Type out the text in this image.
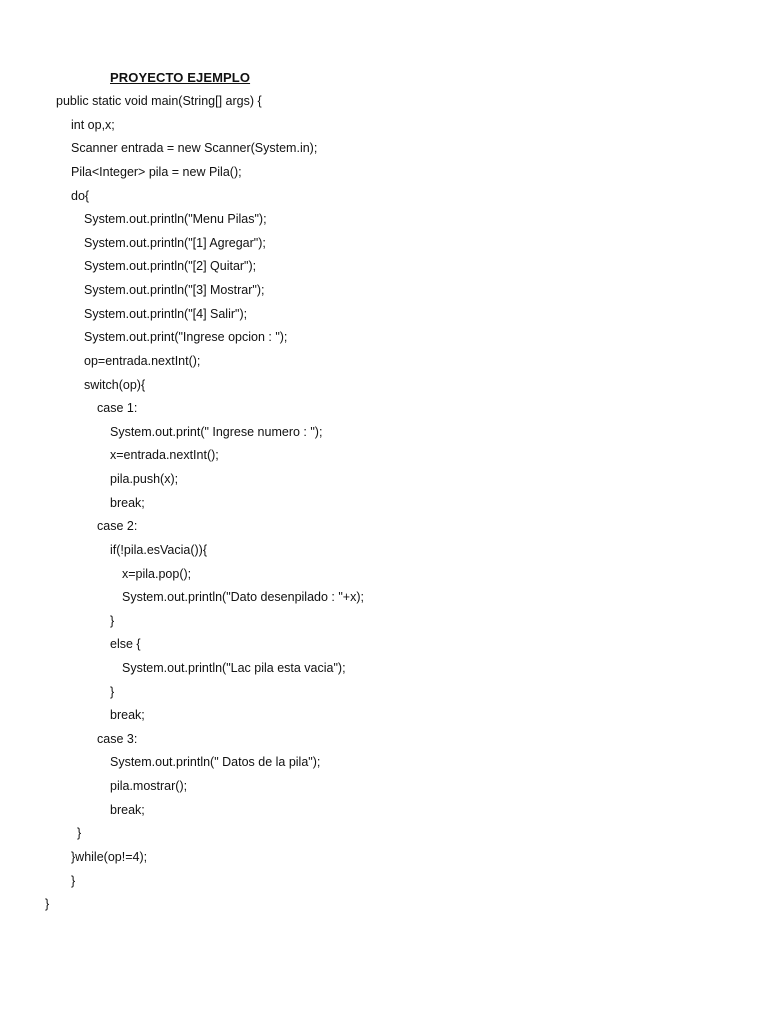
PROYECTO EJEMPLO
public static void main(String[] args) {
int op,x;
Scanner entrada = new Scanner(System.in);
Pila<Integer> pila = new Pila();
do{
System.out.println("Menu Pilas");
System.out.println("[1] Agregar");
System.out.println("[2] Quitar");
System.out.println("[3] Mostrar");
System.out.println("[4] Salir");
System.out.print("Ingrese opcion : ");
op=entrada.nextInt();
switch(op){
case 1:
System.out.print(" Ingrese numero : ");
x=entrada.nextInt();
pila.push(x);
break;
case 2:
if(!pila.esVacia()){
x=pila.pop();
System.out.println("Dato desenpilado : "+x);
}
else {
System.out.println("Lac pila esta vacia");
}
break;
case 3:
System.out.println(" Datos de la pila");
pila.mostrar();
break;
}
}while(op!=4);
}
}
